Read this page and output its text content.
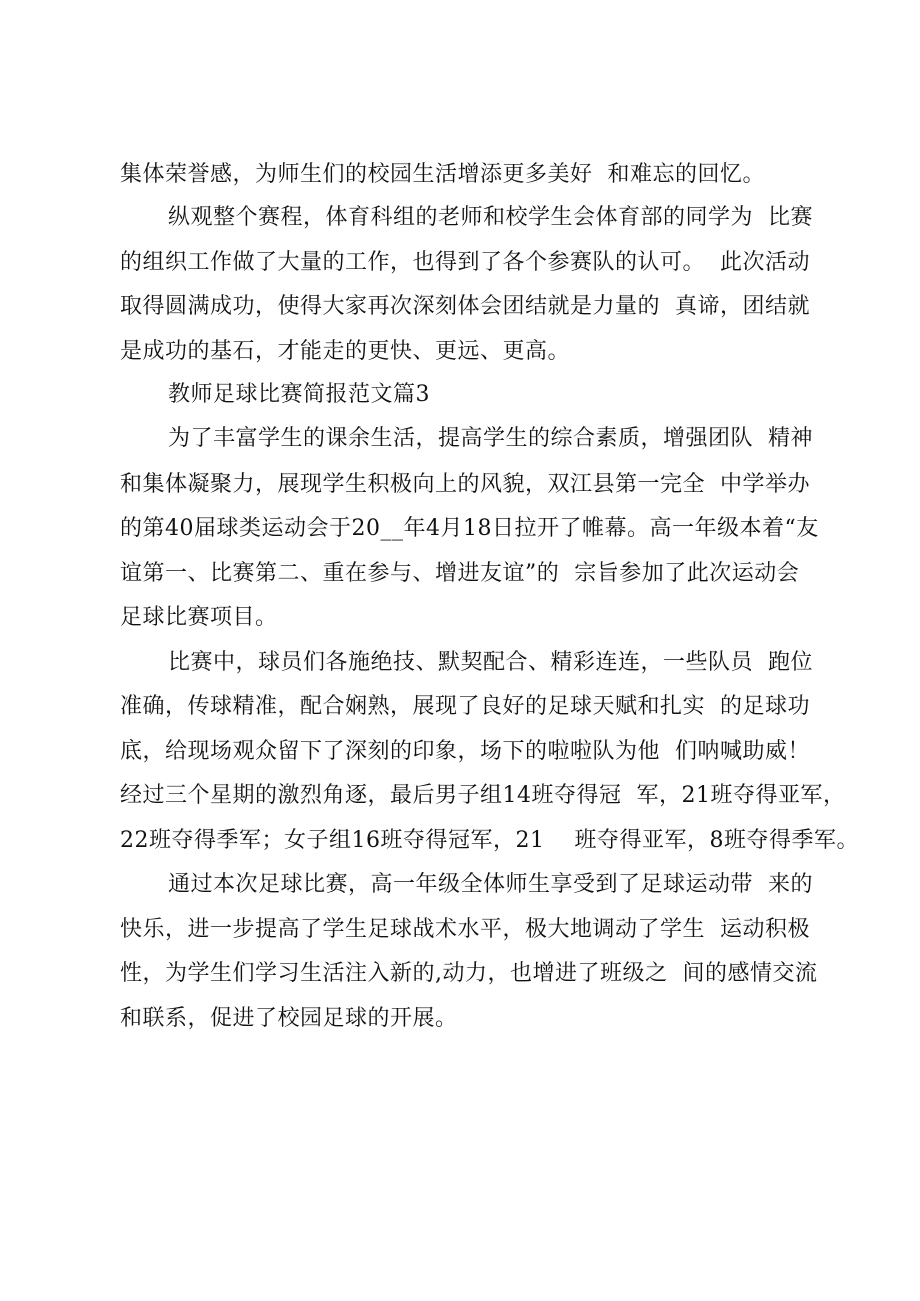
集体荣誉感，为师生们的校园生活增添更多美好  和难忘的回忆。
纵观整个赛程，体育科组的老师和校学生会体育部的同学为  比赛
的组织工作做了大量的工作，也得到了各个参赛队的认可。  此次活动
取得圆满成功，使得大家再次深刻体会团结就是力量的  真谛，团结就
是成功的基石，才能走的更快、更远、更高。
教师足球比赛简报范文篇3
为了丰富学生的课余生活，提高学生的综合素质，增强团队  精神
和集体凝聚力，展现学生积极向上的风貌，双江县第一完全  中学举办
的第40届球类运动会于20__年4月18日拉开了帷幕。高一年级本着“友
谊第一、比赛第二、重在参与、增进友谊”的  宗旨参加了此次运动会
足球比赛项目。
比赛中，球员们各施绝技、默契配合、精彩连连，一些队员  跑位
准确，传球精准，配合娴熟，展现了良好的足球天赋和扎实  的足球功
底，给现场观众留下了深刻的印象，场下的啦啦队为他  们呐喊助威！
经过三个星期的激烈角逐，最后男子组14班夺得冠  军，21班夺得亚军，
22班夺得季军；女子组16班夺得冠军，21    班夺得亚军，8班夺得季军。
通过本次足球比赛，高一年级全体师生享受到了足球运动带  来的
快乐，进一步提高了学生足球战术水平，极大地调动了学生  运动积极
性，为学生们学习生活注入新的,动力，也增进了班级之  间的感情交流
和联系，促进了校园足球的开展。
